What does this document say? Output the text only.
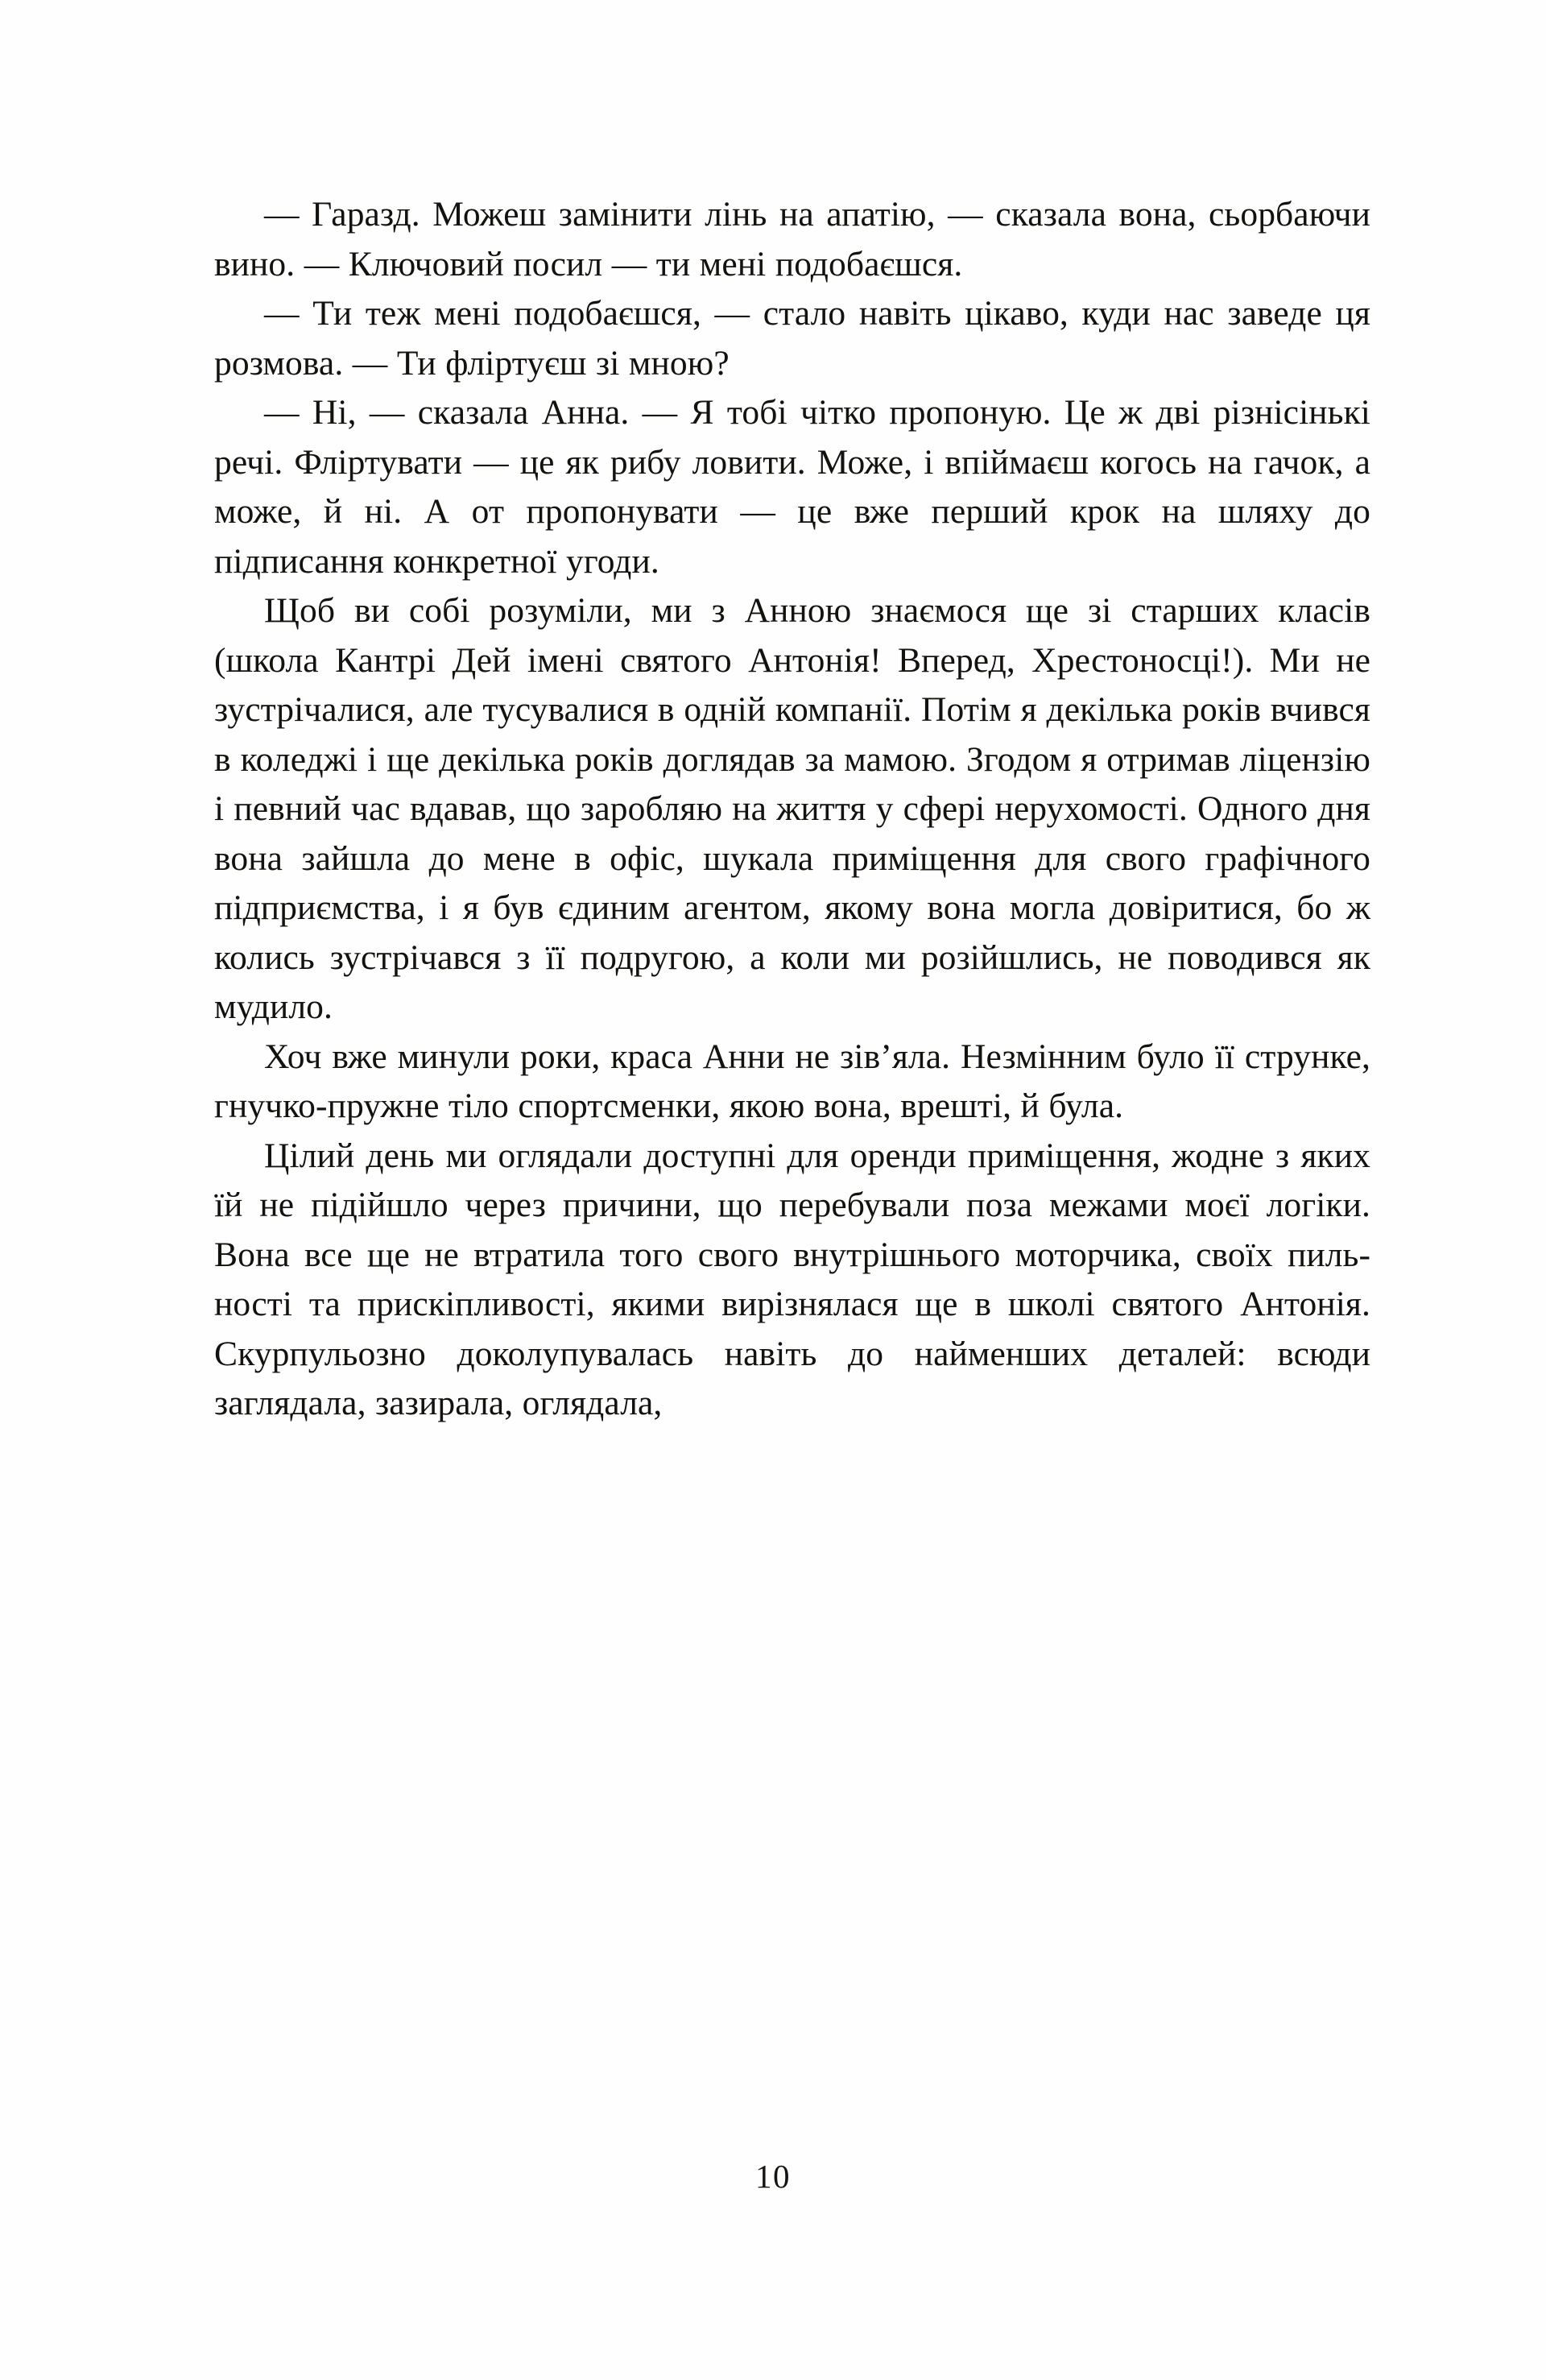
— Гаразд. Можеш замінити лінь на апатію, — сказала вона, сьорбаючи вино. — Ключовий посил — ти мені подобаєшся.

— Ти теж мені подобаєшся, — стало навіть цікаво, куди нас заведе ця розмова. — Ти фліртуєш зі мною?

— Ні, — сказала Анна. — Я тобі чітко пропоную. Це ж дві різнісінькі речі. Фліртувати — це як рибу ловити. Може, і впіймаєш когось на гачок, а може, й ні. А от пропонувати — це вже перший крок на шляху до підписання конкретної угоди.

Щоб ви собі розуміли, ми з Анною знаємося ще зі старших класів (школа Кантрі Дей імені святого Антонія! Вперед, Хрестоносці!). Ми не зустрічалися, але тусувалися в одній компанії. Потім я декілька років вчився в коледжі і ще декілька років доглядав за мамою. Згодом я отримав ліцензію і певний час вдавав, що заробляю на життя у сфері нерухомості. Одного дня вона зайшла до мене в офіс, шукала приміщення для свого графічного підприємства, і я був єдиним агентом, якому вона могла довіритися, бо ж колись зустрічався з її подругою, а коли ми розійшлись, не поводився як мудило.

Хоч вже минули роки, краса Анни не зів’яла. Незмінним було її струнке, гнучко-пружне тіло спортсменки, якою вона, врешті, й була.

Цілий день ми оглядали доступні для оренди приміщення, жодне з яких їй не підійшло через причини, що перебували поза межами моєї логіки. Вона все ще не втратила того свого внутрішнього моторчика, своїх пильності та прискіпливості, якими вирізнялася ще в школі святого Антонія. Скурпульозно доколупувалась навіть до найменших деталей: всюди заглядала, зазирала, оглядала,

10
